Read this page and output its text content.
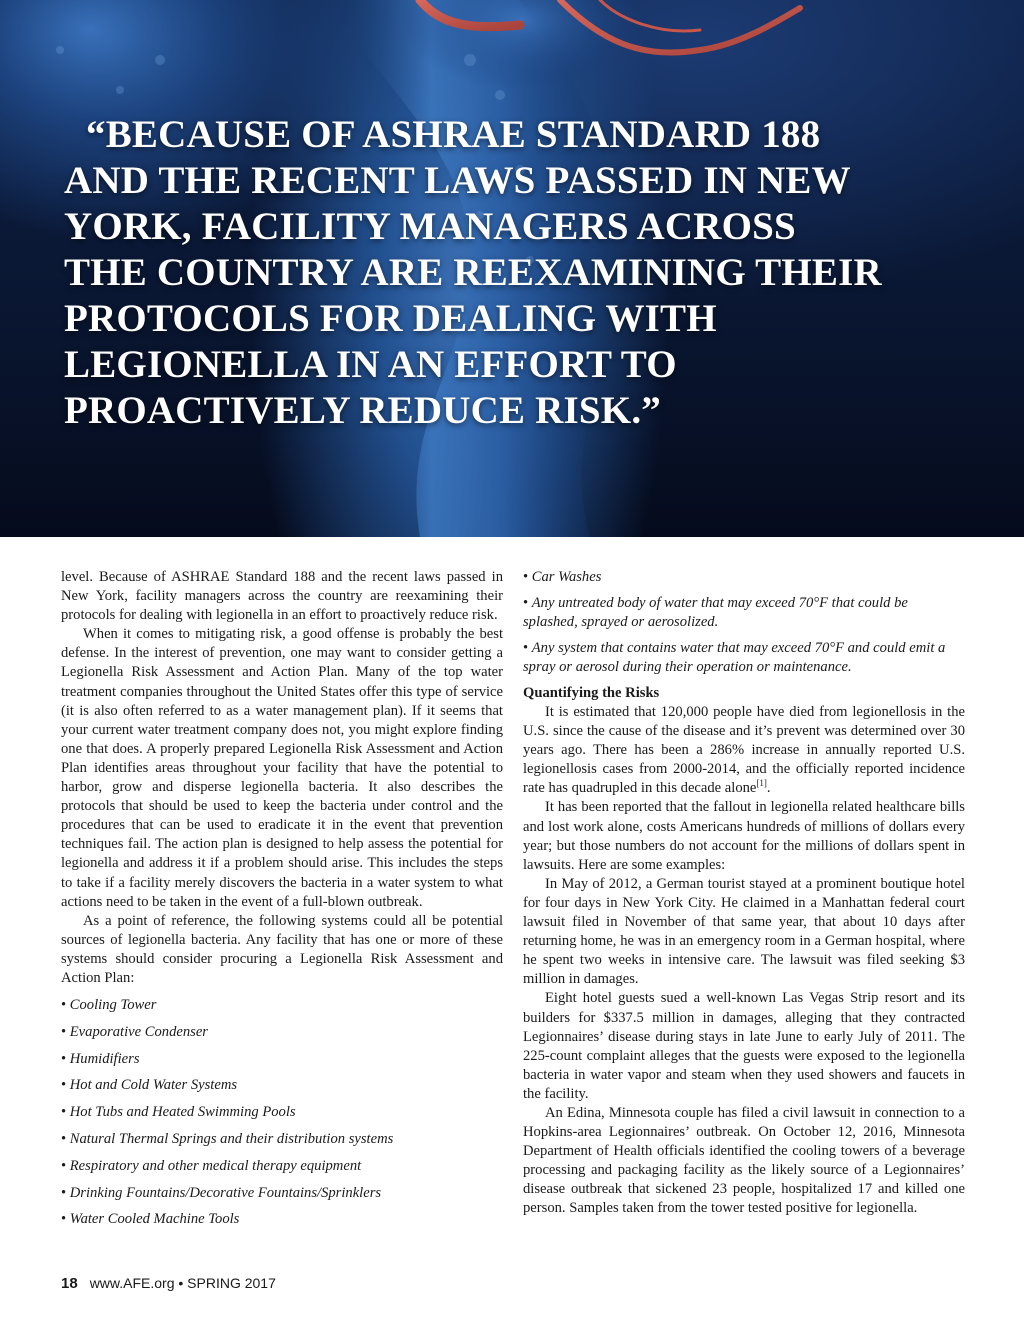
“BECAUSE OF ASHRAE STANDARD 188 AND THE RECENT LAWS PASSED IN NEW YORK, FACILITY MANAGERS ACROSS THE COUNTRY ARE REEXAMINING THEIR PROTOCOLS FOR DEALING WITH LEGIONELLA IN AN EFFORT TO PROACTIVELY REDUCE RISK.”

level. Because of ASHRAE Standard 188 and the recent laws passed in New York, facility managers across the country are reexamining their protocols for dealing with legionella in an effort to proactively reduce risk.

When it comes to mitigating risk, a good offense is probably the best defense. In the interest of prevention, one may want to consider getting a Legionella Risk Assessment and Action Plan. Many of the top water treatment companies throughout the United States offer this type of service (it is also often referred to as a water management plan). If it seems that your current water treatment company does not, you might explore finding one that does. A properly prepared Legionella Risk Assessment and Action Plan identifies areas throughout your facility that have the potential to harbor, grow and disperse legionella bacteria. It also describes the protocols that should be used to keep the bacteria under control and the procedures that can be used to eradicate it in the event that prevention techniques fail. The action plan is designed to help assess the potential for legionella and address it if a problem should arise. This includes the steps to take if a facility merely discovers the bacteria in a water system to what actions need to be taken in the event of a full-blown outbreak.

As a point of reference, the following systems could all be potential sources of legionella bacteria. Any facility that has one or more of these systems should consider procuring a Legionella Risk Assessment and Action Plan:

• Cooling Tower
• Evaporative Condenser
• Humidifiers
• Hot and Cold Water Systems
• Hot Tubs and Heated Swimming Pools
• Natural Thermal Springs and their distribution systems
• Respiratory and other medical therapy equipment
• Drinking Fountains/Decorative Fountains/Sprinklers
• Water Cooled Machine Tools
• Car Washes
• Any untreated body of water that may exceed 70°F that could be splashed, sprayed or aerosolized.
• Any system that contains water that may exceed 70°F and could emit a spray or aerosol during their operation or maintenance.

Quantifying the Risks

It is estimated that 120,000 people have died from legionellosis in the U.S. since the cause of the disease and it’s prevent was determined over 30 years ago. There has been a 286% increase in annually reported U.S. legionellosis cases from 2000-2014, and the officially reported incidence rate has quadrupled in this decade alone[1].

It has been reported that the fallout in legionella related healthcare bills and lost work alone, costs Americans hundreds of millions of dollars every year; but those numbers do not account for the millions of dollars spent in lawsuits. Here are some examples:

In May of 2012, a German tourist stayed at a prominent boutique hotel for four days in New York City. He claimed in a Manhattan federal court lawsuit filed in November of that same year, that about 10 days after returning home, he was in an emergency room in a German hospital, where he spent two weeks in intensive care. The lawsuit was filed seeking $3 million in damages.

Eight hotel guests sued a well-known Las Vegas Strip resort and its builders for $337.5 million in damages, alleging that they contracted Legionnaires’ disease during stays in late June to early July of 2011. The 225-count complaint alleges that the guests were exposed to the legionella bacteria in water vapor and steam when they used showers and faucets in the facility.

An Edina, Minnesota couple has filed a civil lawsuit in connection to a Hopkins-area Legionnaires’ outbreak. On October 12, 2016, Minnesota Department of Health officials identified the cooling towers of a beverage processing and packaging facility as the likely source of a Legionnaires’ disease outbreak that sickened 23 people, hospitalized 17 and killed one person. Samples taken from the tower tested positive for legionella.

18 www.AFE.org • SPRING 2017
